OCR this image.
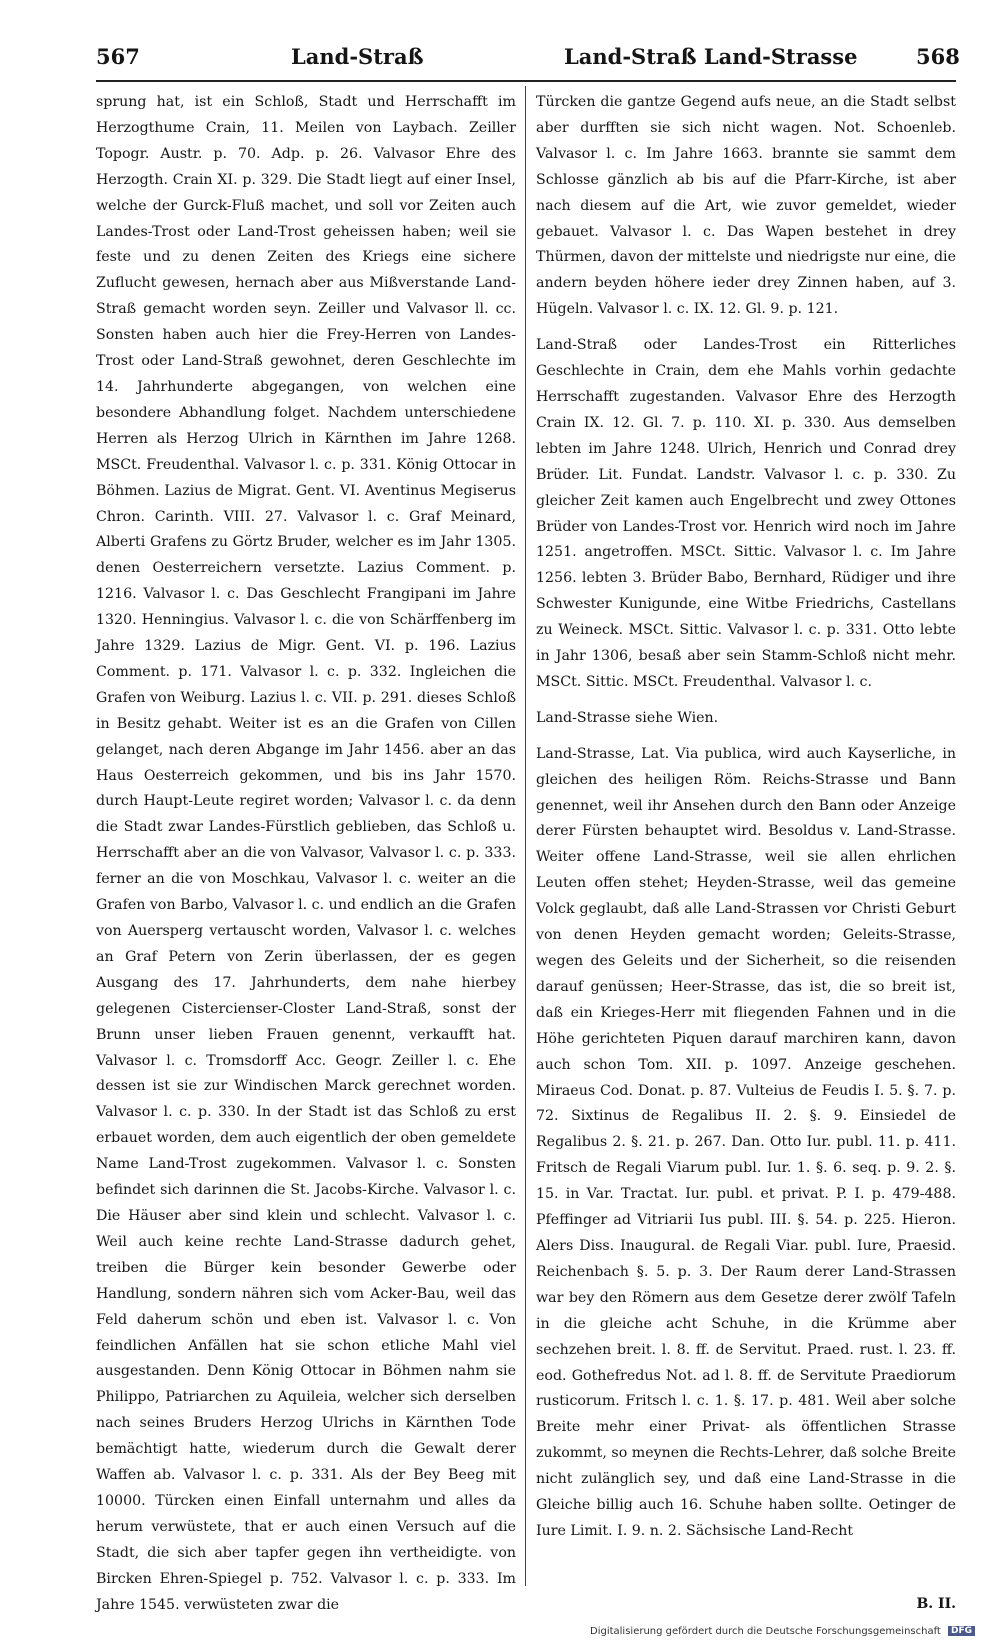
567	Land-Straß	Land-Straß Land-Strasse	568

sprung hat, ist ein Schloß, Stadt und Herrschafft im Herzogthume Crain, 11. Meilen von Laybach. Zeiller Topogr. Austr. p. 70. Adp. p. 26. Valvasor Ehre des Herzogth. Crain XI. p. 329. Die Stadt liegt auf einer Insel, welche der Gurck-Fluß machet, und soll vor Zeiten auch Landes-Trost oder Land-Trost geheissen haben; weil sie feste und zu denen Zeiten des Kriegs eine sichere Zuflucht gewesen, hernach aber aus Mißverstande Land-Straß gemacht worden seyn. Zeiller und Valvasor ll. cc. Sonsten haben auch hier die Frey-Herren von Landes-Trost oder Land-Straß gewohnet, deren Geschlechte im 14. Jahrhunderte abgegangen, von welchen eine besondere Abhandlung folget. Nachdem unterschiedene Herren als Herzog Ulrich in Kärnthen im Jahre 1268. MSCt. Freudenthal. Valvasor l. c. p. 331. König Ottocar in Böhmen. Lazius de Migrat. Gent. VI. Aventinus Megiserus Chron. Carinth. VIII. 27. Valvasor l. c. Graf Meinard, Alberti Grafens zu Görtz Bruder, welcher es im Jahr 1305. denen Oesterreichern versetzte. Lazius Comment. p. 1216. Valvasor l. c. Das Geschlecht Frangipani im Jahre 1320. Henningius. Valvasor l. c. die von Schärffenberg im Jahre 1329. Lazius de Migr. Gent. VI. p. 196. Lazius Comment. p. 171. Valvasor l. c. p. 332. Ingleichen die Grafen von Weiburg. Lazius l. c. VII. p. 291. dieses Schloß in Besitz gehabt. Weiter ist es an die Grafen von Cillen gelanget, nach deren Abgange im Jahr 1456. aber an das Haus Oesterreich gekommen, und bis ins Jahr 1570. durch Haupt-Leute regiret worden; Valvasor l. c. da denn die Stadt zwar Landes-Fürstlich geblieben, das Schloß u. Herrschafft aber an die von Valvasor, Valvasor l. c. p. 333. ferner an die von Moschkau, Valvasor l. c. weiter an die Grafen von Barbo, Valvasor l. c. und endlich an die Grafen von Auersperg vertauscht worden, Valvasor l. c. welches an Graf Petern von Zerin überlassen, der es gegen Ausgang des 17. Jahrhunderts, dem nahe hierbey gelegenen Cistercienser-Closter Land-Straß, sonst der Brunn unser lieben Frauen genennt, verkaufft hat. Valvasor l. c. Tromsdorff Acc. Geogr. Zeiller l. c. Ehe dessen ist sie zur Windischen Marck gerechnet worden. Valvasor l. c. p. 330. In der Stadt ist das Schloß zu erst erbauet worden, dem auch eigentlich der oben gemeldete Name Land-Trost zugekommen. Valvasor l. c. Sonsten befindet sich darinnen die St. Jacobs-Kirche. Valvasor l. c. Die Häuser aber sind klein und schlecht. Valvasor l. c. Weil auch keine rechte Land-Strasse dadurch gehet, treiben die Bürger kein besonder Gewerbe oder Handlung, sondern nähren sich vom Acker-Bau, weil das Feld daherum schön und eben ist. Valvasor l. c. Von feindlichen Anfällen hat sie schon etliche Mahl viel ausgestanden. Denn König Ottocar in Böhmen nahm sie Philippo, Patriarchen zu Aquileia, welcher sich derselben nach seines Bruders Herzog Ulrichs in Kärnthen Tode bemächtigt hatte, wiederum durch die Gewalt derer Waffen ab. Valvasor l. c. p. 331. Als der Bey Beeg mit 10000. Türcken einen Einfall unternahm und alles da herum verwüstete, that er auch einen Versuch auf die Stadt, die sich aber tapfer gegen ihn vertheidigte. von Bircken Ehren-Spiegel p. 752. Valvasor l. c. p. 333. Im Jahre 1545. verwüsteten zwar die

Türcken die gantze Gegend aufs neue, an die Stadt selbst aber durfften sie sich nicht wagen. Not. Schoenleb. Valvasor l. c. Im Jahre 1663. brannte sie sammt dem Schlosse gänzlich ab bis auf die Pfarr-Kirche, ist aber nach diesem auf die Art, wie zuvor gemeldet, wieder gebauet. Valvasor l. c. Das Wapen bestehet in drey Thürmen, davon der mittelste und niedrigste nur eine, die andern beyden höhere ieder drey Zinnen haben, auf 3. Hügeln. Valvasor l. c. IX. 12. Gl. 9. p. 121.

Land-Straß oder Landes-Trost ein Ritterliches Geschlechte in Crain, dem ehe Mahls vorhin gedachte Herrschafft zugestanden. Valvasor Ehre des Herzogth Crain IX. 12. Gl. 7. p. 110. XI. p. 330. Aus demselben lebten im Jahre 1248. Ulrich, Henrich und Conrad drey Brüder. Lit. Fundat. Landstr. Valvasor l. c. p. 330. Zu gleicher Zeit kamen auch Engelbrecht und zwey Ottones Brüder von Landes-Trost vor. Henrich wird noch im Jahre 1251. angetroffen. MSCt. Sittic. Valvasor l. c. Im Jahre 1256. lebten 3. Brüder Babo, Bernhard, Rüdiger und ihre Schwester Kunigunde, eine Witbe Friedrichs, Castellans zu Weineck. MSCt. Sittic. Valvasor l. c. p. 331. Otto lebte in Jahr 1306, besaß aber sein Stamm-Schloß nicht mehr. MSCt. Sittic. MSCt. Freudenthal. Valvasor l. c.

Land-Strasse siehe Wien.

Land-Strasse, Lat. Via publica, wird auch Kayserliche, in gleichen des heiligen Röm. Reichs-Strasse und Bann genennet, weil ihr Ansehen durch den Bann oder Anzeige derer Fürsten behauptet wird. Besoldus v. Land-Strasse. Weiter offene Land-Strasse, weil sie allen ehrlichen Leuten offen stehet; Heyden-Strasse, weil das gemeine Volck geglaubt, daß alle Land-Strassen vor Christi Geburt von denen Heyden gemacht worden; Geleits-Strasse, wegen des Geleits und der Sicherheit, so die reisenden darauf genüssen; Heer-Strasse, das ist, die so breit ist, daß ein Krieges-Herr mit fliegenden Fahnen und in die Höhe gerichteten Piquen darauf marchiren kann, davon auch schon Tom. XII. p. 1097. Anzeige geschehen. Miraeus Cod. Donat. p. 87. Vulteius de Feudis I. 5. §. 7. p. 72. Sixtinus de Regalibus II. 2. §. 9. Einsiedel de Regalibus 2. §. 21. p. 267. Dan. Otto Iur. publ. 11. p. 411. Fritsch de Regali Viarum publ. Iur. 1. §. 6. seq. p. 9. 2. §. 15. in Var. Tractat. Iur. publ. et privat. P. I. p. 479-488. Pfeffinger ad Vitriarii Ius publ. III. §. 54. p. 225. Hieron. Alers Diss. Inaugural. de Regali Viar. publ. Iure, Praesid. Reichenbach §. 5. p. 3. Der Raum derer Land-Strassen war bey den Römern aus dem Gesetze derer zwölf Tafeln in die gleiche acht Schuhe, in die Krümme aber sechzehen breit. l. 8. ff. de Servitut. Praed. rust. l. 23. ff. eod. Gothefredus Not. ad l. 8. ff. de Servitute Praediorum rusticorum. Fritsch l. c. 1. §. 17. p. 481. Weil aber solche Breite mehr einer Privat- als öffentlichen Strasse zukommt, so meynen die Rechts-Lehrer, daß solche Breite nicht zulänglich sey, und daß eine Land-Strasse in die Gleiche billig auch 16. Schuhe haben sollte. Oetinger de Iure Limit. I. 9. n. 2. Sächsische Land-Recht

B. II.
Digitalisierung gefördert durch die Deutsche Forschungsgemeinschaft DFG
